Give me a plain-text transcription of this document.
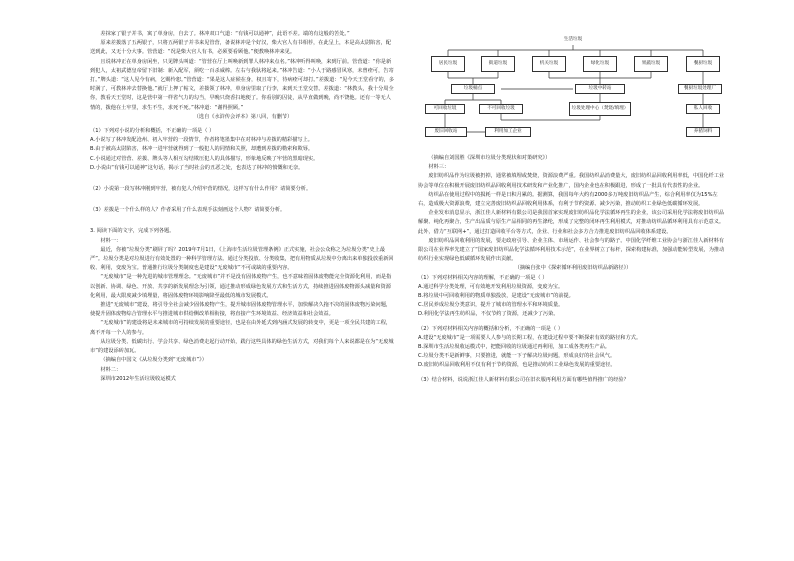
差抹家了银子并书，寓了单身房，自去了。林冲双口气道：“有钱可以通神”，此语不差。端的有这般的苦处。”

原来差拨落了五两银子，只将五两银子并书来见管营，备说林冲是个好汉，柴大官人有书相荐，在此呈上，本是高太尉陷害，配送到此，又无十分大事。管营道：“况是柴大官人有书，必须要看顾他。”便教唤林冲来见。

且说林冲正在单身房闲坐，只见牌头叫道：“管营在厅上叫唤新到罪人林冲来点名。”林冲听得叫唤，来到厅前。管营道：“你是新到犯人，太祖武德皇帝留下旧制：新入配军，须吃一百杀威棒。左右与我驮将起来。”林冲告道：“小人于路感冒风寒，未曾痊可，告寄打。”牌头道：“这人见今有病，乞赐怜恕。”管营道：“果是这人症候在身，权且寄下，待病痊可却打。”差拨道：“见今天王堂看守的，多时满了，可教林冲去替换他。”就厅上押了帖文，差拨领了林冲，单身房里取了行李，来到天王堂交替。差拨道：“林教头，我十分周全你，教看天王堂时，这是营中第一样省气力的勾当，早晚只烧香扫地便了。你看别的囚徒，从早直做到晚，尚不饶他。还有一等无人情的，拨他在土牢里，求生不生，求死不死。”林冲道：“谢得照顾。”

（选自《水浒传会评本》第八回，有删节）

（1）下列对小说的分析和概括，不正确的一项是（ ）

A.小说写了林冲发配沧州、初入牢营的一段情节，作者将笔墨集中在对林冲与差拨的精彩描写上。

B.由于被高太尉陷害，林冲一进牢营就得到了一般犯人的同情和关照，却遭到差拨的勒索和欺辱。

C.小说通过对管营、差拨、牌头等人相互勾结欺压犯人的具体描写，形象地反映了牢营的黑暗现实。

D.小说由“有钱可以通神”这句话，揭示了当时社会的丑恶之处，也表达了林冲的愤慨和无奈。

（2）小说第一段写林冲刚到牢营，被有犯人介绍牢营的情况，这样写有什么作用？请简要分析。

（3）差拨是一个什么样的人？作者采用了什么表现手法刻画这个人物？请简要分析。

3. 阅读下面的文字，完成下列各题。

材料一：

最近，你被“垃圾分类”刷屏了吗？2019年7月1日，《上海市生活垃圾管理条例》正式实施，社会公众称之为垃圾分类“史上最严”。垃圾分类是对垃圾进行有效处置的一种科学管理方法。通过分类投放、分类收集，把有用物质从垃圾中分离出来单独投放重新回收、利用，变废为宝。普通推行垃圾分类制度也是建设“无废城市”不可或缺的重要内容。

“无废城市”是一种先进的城市管理理念。“无废城市”并不是没有固体废物产生，也不意味着固体废物能完全资源化利用，而是指以创新、协调、绿色、开放、共享的新发展理念为引领，通过推动形成绿色发展方式和生活方式，持续推进固体废物源头减量和资源化利用，最大限度减少填埋量，将固体废物环境影响降至最低的城市发展模式。

推进“无废城市”建设，将引导全社会减少固体废物产生，提升城市固体废物管理水平，加快解决久拖不决的固体废物污染问题，使提升固体废物综合管理水平与推进城市供给侧改革相衔接，将直接产生环境效益、经济效益和社会效益。

“无废城市”的建设将是未来城市的可持续发展的重要途径，也是在由外延式到内涵式发展的转变中，更是一项全民共建的工程，离不开每一个人的参与。

从垃圾分类、低碳出行、学会共享、绿色消费走起行动开始，践行这些具体的绿色生活方式，对我们每个人来说都是在为“无废城市”的建设添砖加瓦。

（摘编自中国文《从垃圾分类到“无废城市”》）

材料二：

深圳市2012年生活垃圾收运模式

生活垃圾
居民垃圾	街道垃圾	机关垃圾	绿化垃圾	果蔬垃圾	餐厨垃圾
垃圾桶点	垃圾中转站	餐厨垃圾处理厂
可回收垃圾	不可回收垃圾	垃圾处理中心（焚烧/填埋）	私人回收
废旧回收站	利用加工企业	养猪饲料

（摘编自刘国胜《深圳市垃圾分类现状和对策研究》）

材料三：

废旧纺织品作为垃圾被扔掉，通常被填埋或焚烧，资源浪费严重。我国纺织品消费量大，废旧纺织品回收利用率低，中国化纤工业协会等单位在积极开展废旧纺织品回收利用技术研发和产业化推广，国内企业也在积极跟进，形成了一批具有代表性的企业。

纺织品在使用过程中的损耗一样是日积月累的。据测算，我国每年大约有2000多万吨废旧纺织品产生，综合利用率仅为15%左右，造成极大资源浪费，建立完善废旧纺织品回收利用体系，有利于节约资源、减少污染，推动纺织工业绿色低碳循环发展。

企业发布消息显示，浙江佳人新材料有限公司是我国首家实现废旧纺织品化学法循环再生的企业，该公司采用化学法将废旧纺织品解聚、纯化再聚合，生产出品质与原生产品相同的再生涤纶，形成了完整的闭环再生利用模式，对推动纺织品循环利用具有示范意义。此外，借力“互联网+”，通过打造回收平台等方式，企业、行业和社会多方合力推进废旧纺织品回收体系建设。

废旧纺织品回收利用的发展，要走政府引导、企业主体、市场运作、社会参与的路子。中国化学纤维工业协会与浙江佳人新材料有限公司在业界率先建立了“国家废旧纺织品化学法循环利用技术示范”，在业界树立了标杆，探索构建标准，加强动能转型发展，为推动纺织行业实现绿色低碳循环发展作出贡献。

（摘编自张中《探索循环利用废旧纺织品新路径》）

（1）下列对材料相关内容的理解，不正确的一项是（ ）

A.通过科学分类处理，可有效地开发利用垃圾资源，变废为宝。

B.将垃圾中可回收利用的物质单独投放，是建设“无废城市”的前提。

C.居民养成垃圾分类意识，提升了城市的管理水平和环境质量。

D.利用化学法再生纺织品，不仅节约了资源，还减少了污染。

（2）下列对材料相关内容的概括和分析，不正确的一项是（ ）

A.建设“无废城市”是一项需要人人参与的长期工程，在建设过程中要不断探索有效的路径和方式。

B.深圳市生活垃圾收运模式中，把能回收的垃圾通过再利用，加工成各类再生产品。

C.垃圾分类不是新鲜事，只要推进，就能一下子解决垃圾问题，形成良好的社会风气。

D.废旧纺织品回收利用不仅有利于节约资源，也是推动纺织工业绿色发展的重要途径。

（3）结合材料，说说浙江佳人新材料有限公司在旧衣服再利用方面有哪些值得推广的经验？
